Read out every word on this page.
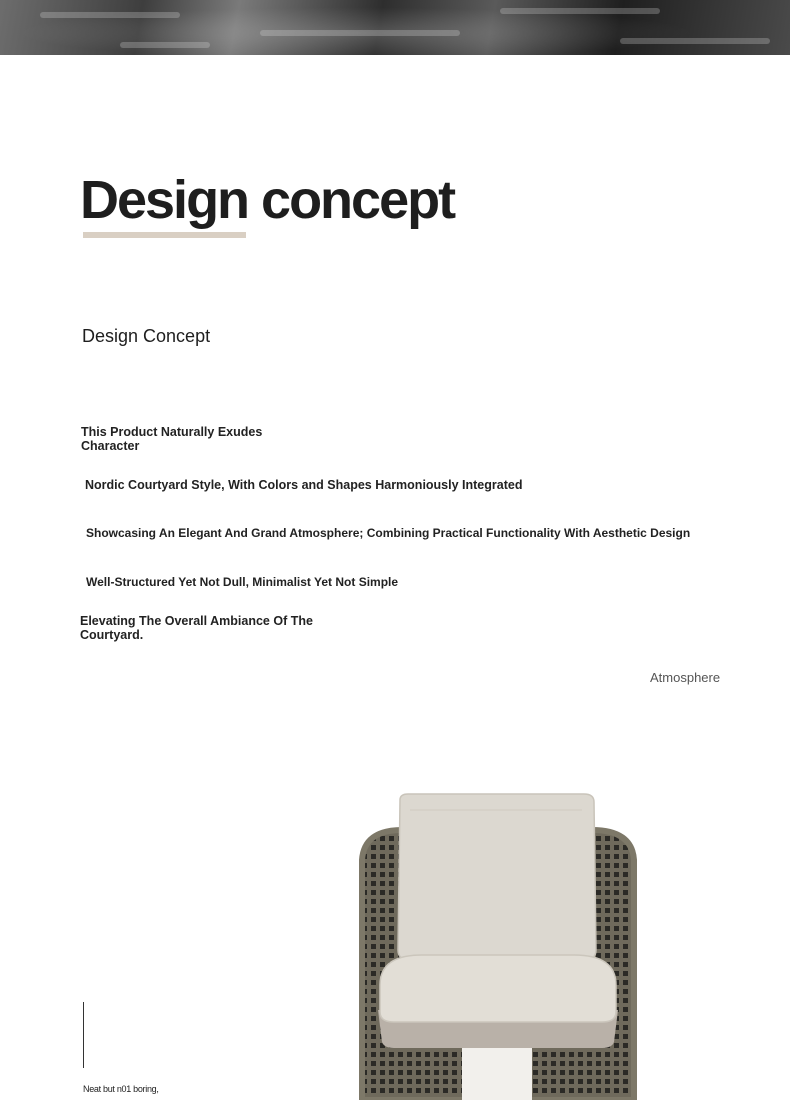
Design concept
Design Concept

This Product Naturally Exudes Character

Nordic Courtyard Style, With Colors and Shapes Harmoniously Integrated

Showcasing An Elegant And Grand Atmosphere; Combining Practical Functionality With Aesthetic Design

Well-Structured Yet Not Dull, Minimalist Yet Not Simple

Elevating The Overall Ambiance Of The Courtyard.

Atmosphere
Neat but n01 boring,
